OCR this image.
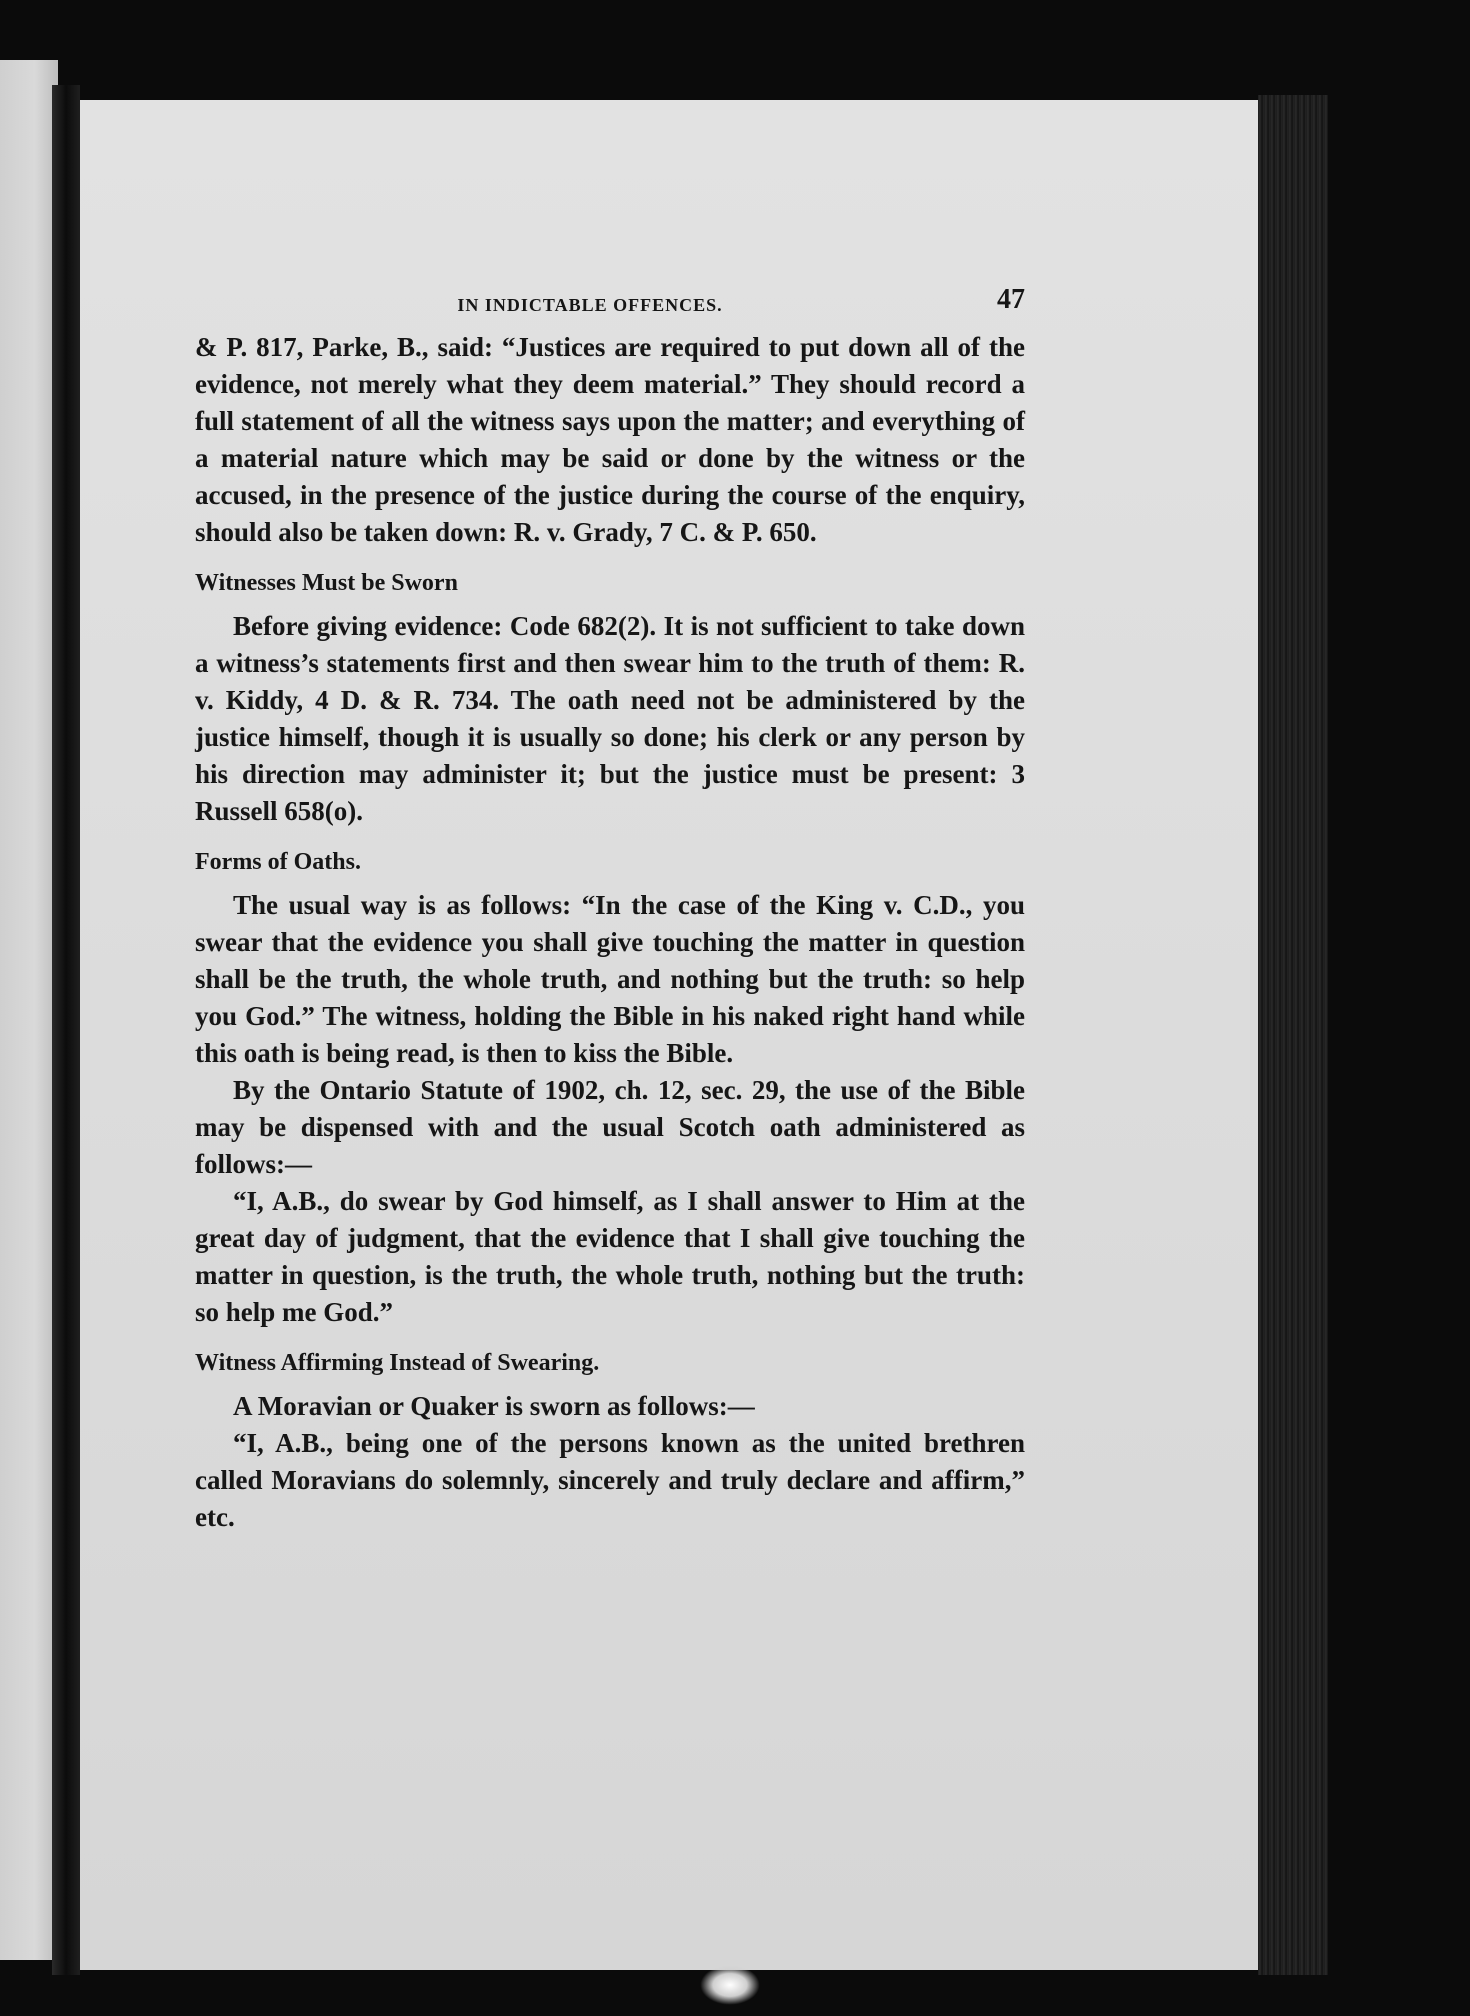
IN INDICTABLE OFFENCES.	47

& P. 817, Parke, B., said: “Justices are required to put down all of the evidence, not merely what they deem material.” They should record a full statement of all the witness says upon the matter; and everything of a material nature which may be said or done by the witness or the accused, in the presence of the justice during the course of the enquiry, should also be taken down: R. v. Grady, 7 C. & P. 650.

Witnesses Must be Sworn

Before giving evidence: Code 682(2). It is not sufficient to take down a witness’s statements first and then swear him to the truth of them: R. v. Kiddy, 4 D. & R. 734. The oath need not be administered by the justice himself, though it is usually so done; his clerk or any person by his direction may administer it; but the justice must be present: 3 Russell 658(o).

Forms of Oaths.

The usual way is as follows: “In the case of the King v. C.D., you swear that the evidence you shall give touching the matter in question shall be the truth, the whole truth, and nothing but the truth: so help you God.” The witness, holding the Bible in his naked right hand while this oath is being read, is then to kiss the Bible.

By the Ontario Statute of 1902, ch. 12, sec. 29, the use of the Bible may be dispensed with and the usual Scotch oath administered as follows:—

“I, A.B., do swear by God himself, as I shall answer to Him at the great day of judgment, that the evidence that I shall give touching the matter in question, is the truth, the whole truth, nothing but the truth: so help me God.”

Witness Affirming Instead of Swearing.

A Moravian or Quaker is sworn as follows:—

“I, A.B., being one of the persons known as the united brethren called Moravians do solemnly, sincerely and truly declare and affirm,” etc.
